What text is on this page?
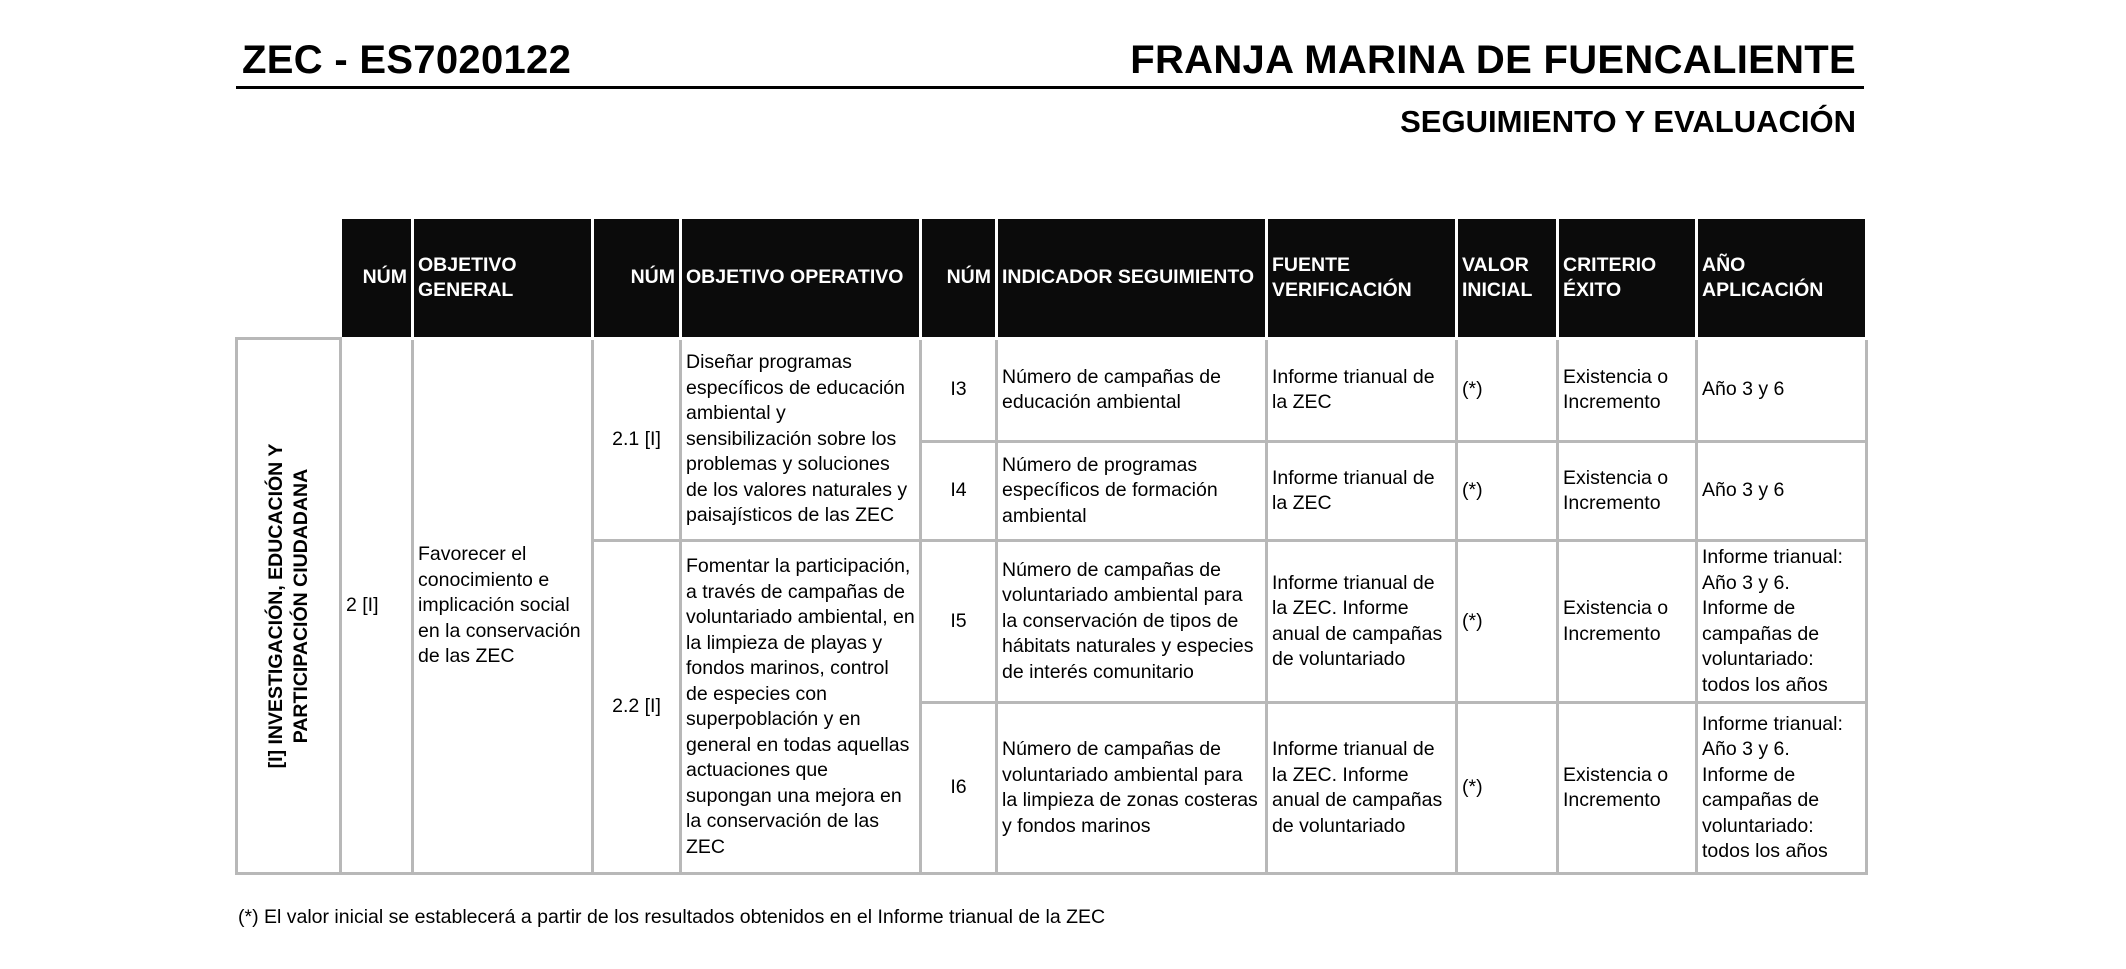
ZEC - ES7020122	FRANJA MARINA DE FUENCALIENTE
SEGUIMIENTO Y EVALUACIÓN
	NÚM	OBJETIVO GENERAL	NÚM	OBJETIVO OPERATIVO	NÚM	INDICADOR SEGUIMIENTO	FUENTE VERIFICACIÓN	VALOR INICIAL	CRITERIO ÉXITO	AÑO APLICACIÓN

[I] INVESTIGACIÓN, EDUCACIÓN Y PARTICIPACIÓN CIUDADANA	2 [I]	Favorecer el conocimiento e implicación social en la conservación de las ZEC	2.1 [I]	Diseñar programas específicos de educación ambiental y sensibilización sobre los problemas y soluciones de los valores naturales y paisajísticos de las ZEC	I3	Número de campañas de educación ambiental	Informe trianual de la ZEC	(*)	Existencia o Incremento	Año 3 y 6
					I4	Número de programas específicos de formación ambiental	Informe trianual de la ZEC	(*)	Existencia o Incremento	Año 3 y 6
			2.2 [I]	Fomentar la participación, a través de campañas de voluntariado ambiental, en la limpieza de playas y fondos marinos, control de especies con superpoblación y en general en todas aquellas actuaciones que supongan una mejora en la conservación de las ZEC	I5	Número de campañas de voluntariado ambiental para la conservación de tipos de hábitats naturales y especies de interés comunitario	Informe trianual de la ZEC. Informe anual de campañas de voluntariado	(*)	Existencia o Incremento	Informe trianual: Año 3 y 6. Informe de campañas de voluntariado: todos los años
					I6	Número de campañas de voluntariado ambiental para la limpieza de zonas costeras y fondos marinos	Informe trianual de la ZEC. Informe anual de campañas de voluntariado	(*)	Existencia o Incremento	Informe trianual: Año 3 y 6. Informe de campañas de voluntariado: todos los años
(*) El valor inicial se establecerá a partir de los resultados obtenidos en el Informe trianual de la ZEC
